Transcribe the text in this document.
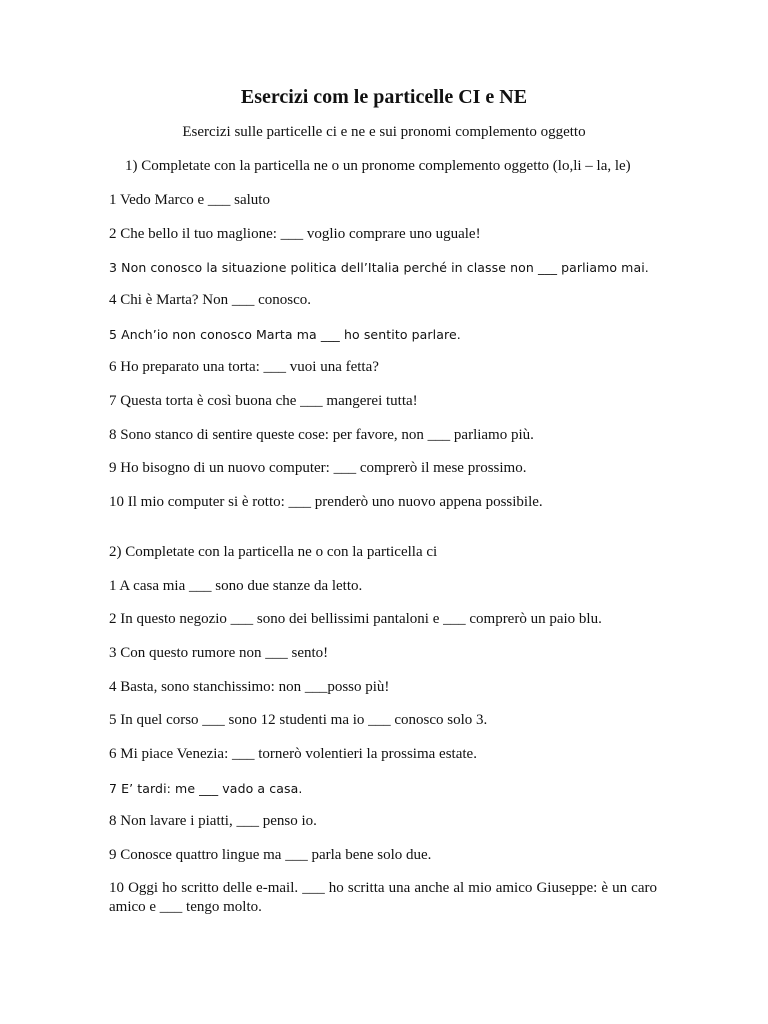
Esercizi com le particelle CI e NE
Esercizi sulle particelle ci e ne e sui pronomi complemento oggetto
1) Completate con la particella ne o un pronome complemento oggetto (lo,li – la, le)
1 Vedo Marco e ___ saluto
2 Che bello il tuo maglione: ___ voglio comprare uno uguale!
3 Non conosco la situazione politica dell’Italia perché in classe non ___ parliamo mai.
4 Chi è Marta? Non ___ conosco.
5 Anch’io non conosco Marta ma ___ ho sentito parlare.
6 Ho preparato una torta: ___ vuoi una fetta?
7 Questa torta è così buona che ___ mangerei tutta!
8 Sono stanco di sentire queste cose: per favore, non ___ parliamo più.
9 Ho bisogno di un nuovo computer: ___ comprerò il mese prossimo.
10 Il mio computer si è rotto: ___ prenderò uno nuovo appena possibile.
2) Completate con la particella ne o con la particella ci
1 A casa mia ___ sono due stanze da letto.
2 In questo negozio ___ sono dei bellissimi pantaloni e ___ comprerò un paio blu.
3 Con questo rumore non ___ sento!
4 Basta, sono stanchissimo: non ___posso più!
5 In quel corso ___ sono 12 studenti ma io ___ conosco solo 3.
6 Mi piace Venezia: ___ tornerò volentieri la prossima estate.
7 E’ tardi: me ___ vado a casa.
8 Non lavare i piatti, ___ penso io.
9 Conosce quattro lingue ma ___ parla bene solo due.
10 Oggi ho scritto delle e-mail. ___ ho scritta una anche al mio amico Giuseppe: è un caro amico e ___ tengo molto.
